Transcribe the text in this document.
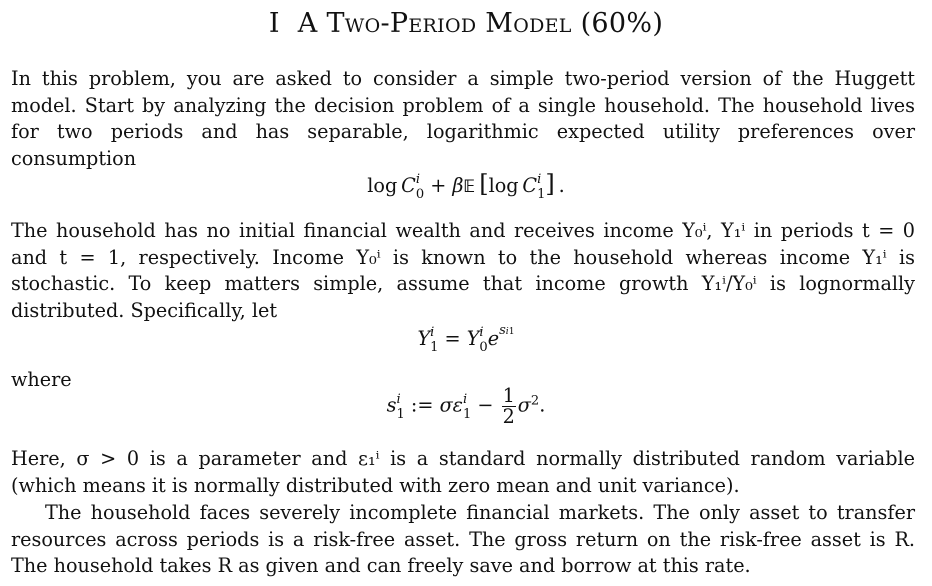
I A Two-Period Model (60%)

In this problem, you are asked to consider a simple two-period version of the Huggett model. Start by analyzing the decision problem of a single household. The household lives for two periods and has separable, logarithmic expected utility preferences over consumption

log  C i
0 + β𝔼  [log  C i
1 ] .

The household has no initial financial wealth and receives income Y₀ⁱ, Y₁ⁱ in periods t = 0 and t = 1, respectively. Income Y₀ⁱ is known to the household whereas income Y₁ⁱ is stochastic. To keep matters simple, assume that income growth Y₁ⁱ/Y₀ⁱ is lognormally distributed. Specifically, let

Y i
1 = Y i
0 $e^{si1}$

where

s i
1 := σε i
$1 - \frac{1}{2} \sigma^2$.

Here, σ > 0 is a parameter and ε₁ⁱ is a standard normally distributed random variable (which means it is normally distributed with zero mean and unit variance).

The household faces severely incomplete financial markets. The only asset to transfer resources across periods is a risk-free asset. The gross return on the risk-free asset is R. The household takes R as given and can freely save and borrow at this rate.
